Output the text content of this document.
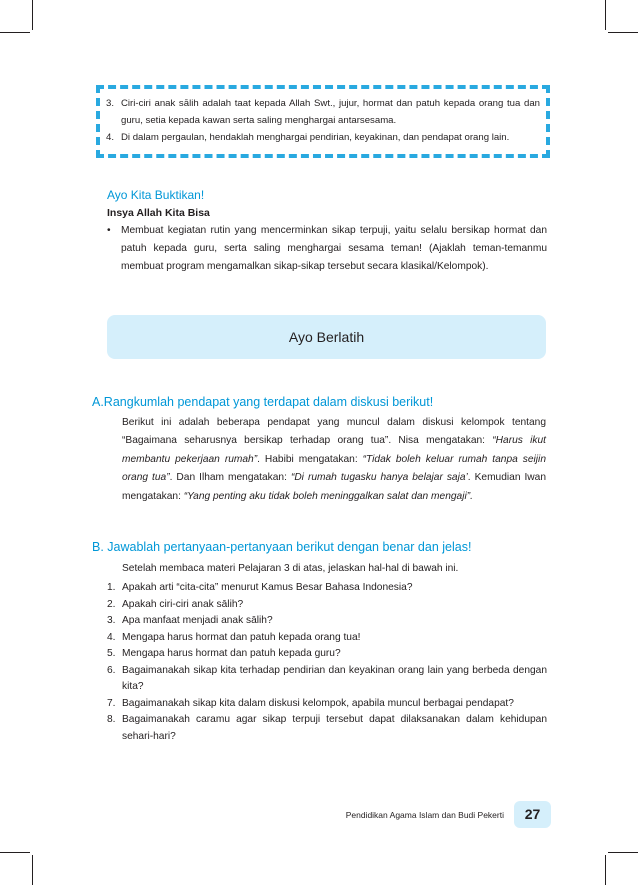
3. Ciri-ciri anak sālih adalah taat kepada Allah Swt., jujur, hormat dan patuh kepada orang tua dan guru, setia kepada kawan serta saling menghargai antarsesama.
4. Di dalam pergaulan, hendaklah menghargai pendirian, keyakinan, dan pendapat orang lain.
Ayo Kita Buktikan!
Insya Allah Kita Bisa
•	Membuat kegiatan rutin yang mencerminkan sikap terpuji, yaitu selalu bersikap hormat dan patuh kepada guru, serta saling menghargai sesama teman! (Ajaklah teman-temanmu membuat program mengamalkan sikap-sikap tersebut secara klasikal/Kelompok).
Ayo Berlatih
A.Rangkumlah pendapat yang terdapat dalam diskusi berikut!
Berikut ini adalah beberapa pendapat yang muncul dalam diskusi kelompok tentang “Bagaimana seharusnya bersikap terhadap orang tua”. Nisa mengatakan: “Harus ikut membantu pekerjaan rumah”. Habibi mengatakan: “Tidak boleh keluar rumah tanpa seijin orang tua”. Dan Ilham mengatakan: “Di rumah tugasku hanya belajar saja’. Kemudian Iwan mengatakan: “Yang penting aku tidak boleh meninggalkan salat dan mengaji”.
B. Jawablah pertanyaan-pertanyaan berikut dengan benar dan jelas!
Setelah membaca materi Pelajaran 3 di atas, jelaskan hal-hal di bawah ini.
1. Apakah arti “cita-cita” menurut Kamus Besar Bahasa Indonesia?
2. Apakah ciri-ciri anak sālih?
3. Apa manfaat menjadi anak sālih?
4. Mengapa harus hormat dan patuh kepada orang tua!
5. Mengapa harus hormat dan patuh kepada guru?
6. Bagaimanakah sikap kita terhadap pendirian dan keyakinan orang lain yang berbeda dengan kita?
7. Bagaimanakah sikap kita dalam diskusi kelompok, apabila muncul berbagai pendapat?
8. Bagaimanakah caramu agar sikap terpuji tersebut dapat dilaksanakan dalam kehidupan sehari-hari?
Pendidikan Agama Islam dan Budi Pekerti	27
